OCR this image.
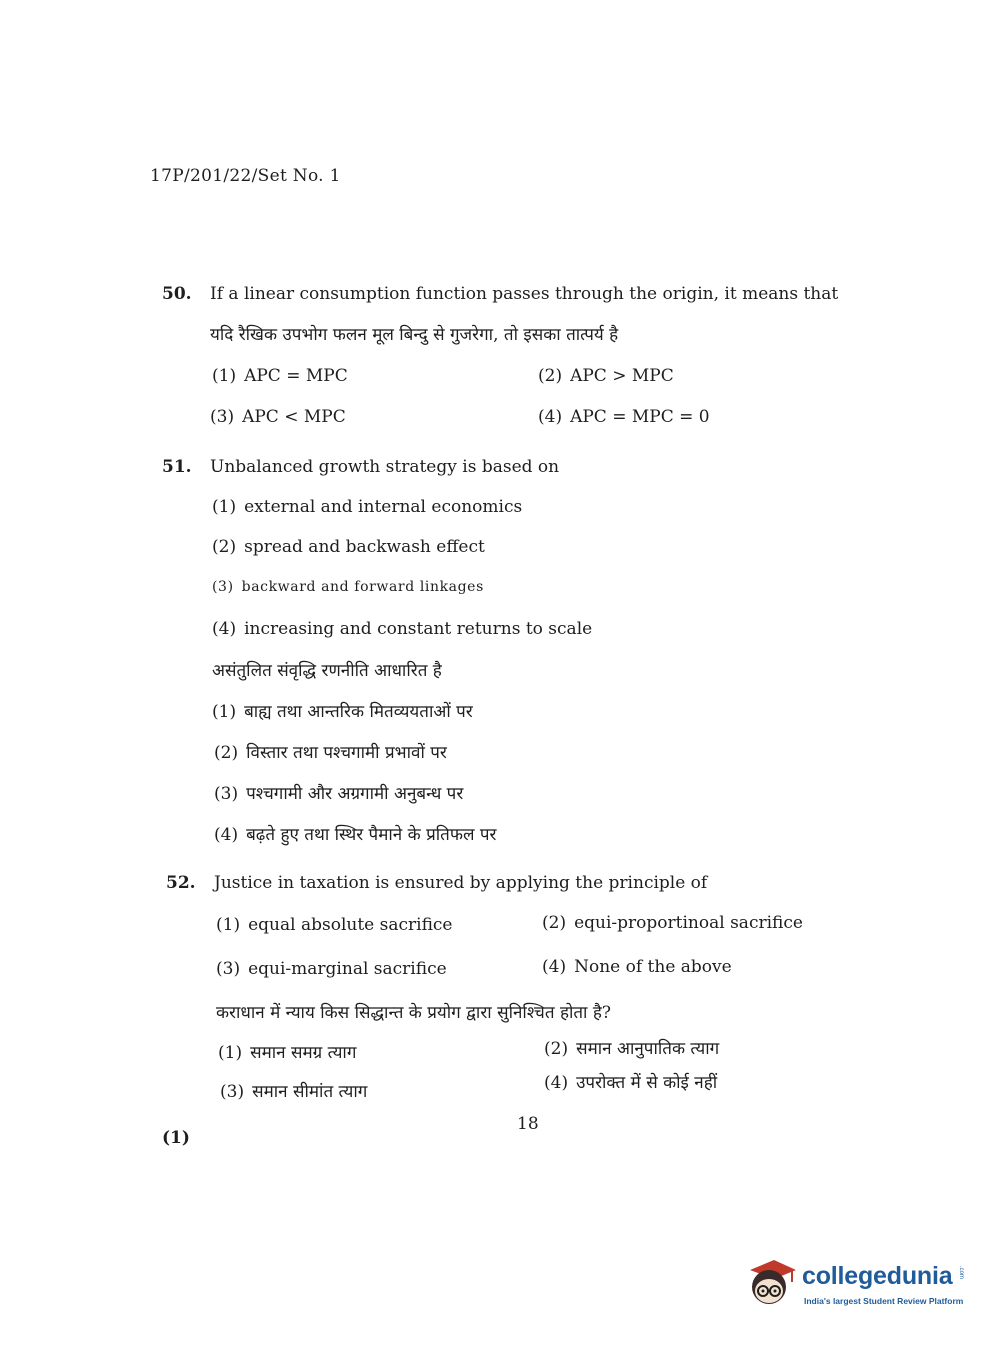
17P/201/22/Set No. 1
50. If a linear consumption function passes through the origin, it means that
यदि रैखिक उपभोग फलन मूल बिन्दु से गुजरेगा, तो इसका तात्पर्य है
(1) APC = MPC	(2) APC > MPC
(3) APC < MPC	(4) APC = MPC = 0
51. Unbalanced growth strategy is based on
(1) external and internal economics
(2) spread and backwash effect
(3) backward and forward linkages
(4) increasing and constant returns to scale
असंतुलित संवृद्धि रणनीति आधारित है
(1) बाह्य तथा आन्तरिक मितव्ययताओं पर
(2) विस्तार तथा पश्चगामी प्रभावों पर
(3) पश्चगामी और अग्रगामी अनुबन्ध पर
(4) बढ़ते हुए तथा स्थिर पैमाने के प्रतिफल पर
52. Justice in taxation is ensured by applying the principle of
(1) equal absolute sacrifice	(2) equi-proportinoal sacrifice
(3) equi-marginal sacrifice	(4) None of the above
कराधान में न्याय किस सिद्धान्त के प्रयोग द्वारा सुनिश्चित होता है?
(1) समान समग्र त्याग	(2) समान आनुपातिक त्याग
(3) समान सीमांत त्याग	(4) उपरोक्त में से कोई नहीं
18
(1)
collegedunia .com
India's largest Student Review Platform
